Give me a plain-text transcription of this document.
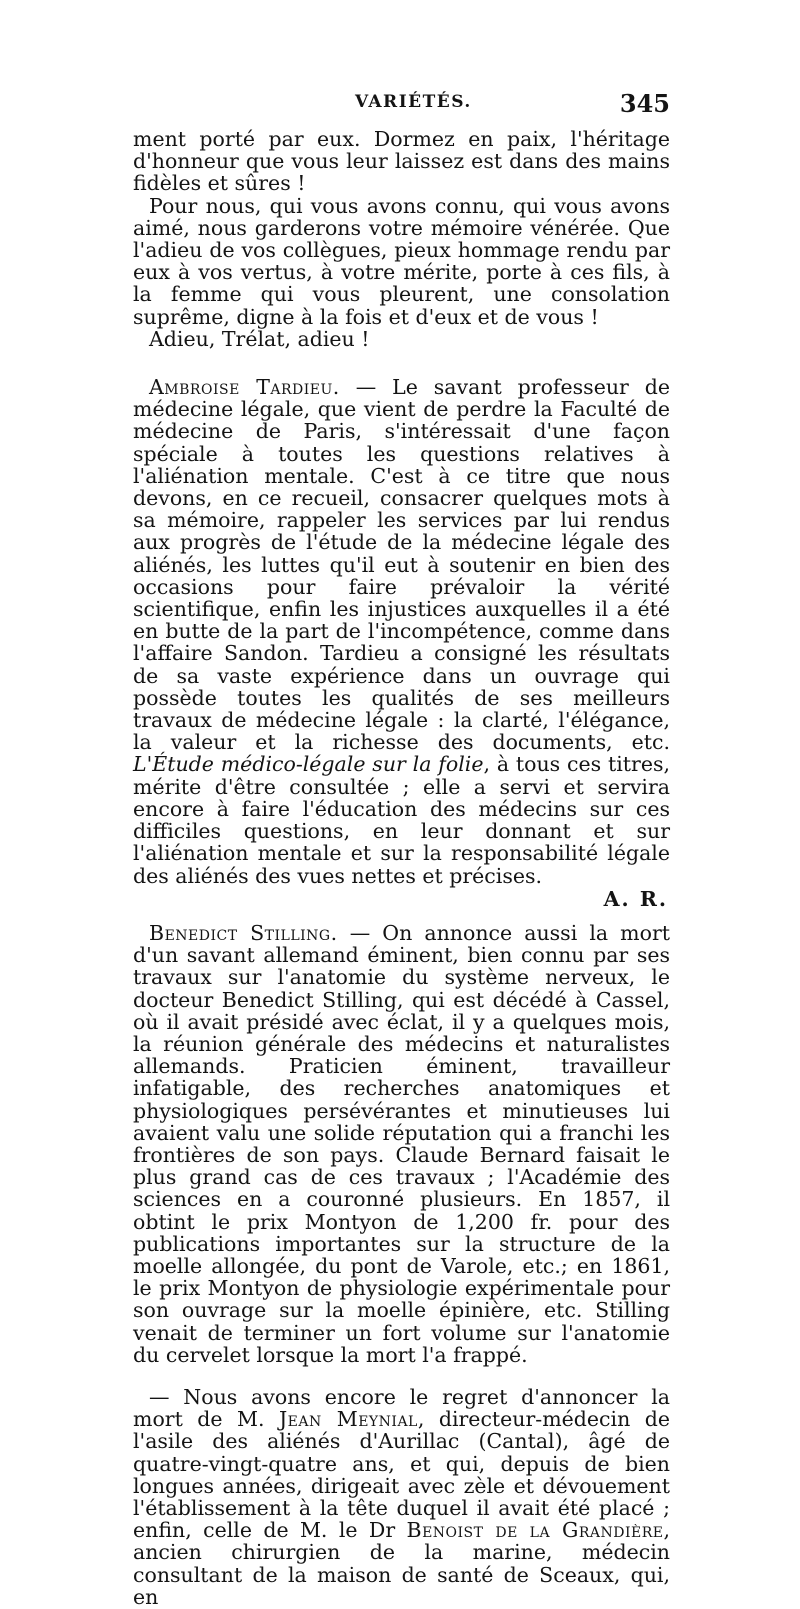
VARIÉTÉS.	345

ment porté par eux. Dormez en paix, l'héritage d'honneur que vous leur laissez est dans des mains fidèles et sûres !

Pour nous, qui vous avons connu, qui vous avons aimé, nous garderons votre mémoire vénérée. Que l'adieu de vos collègues, pieux hommage rendu par eux à vos vertus, à votre mérite, porte à ces fils, à la femme qui vous pleurent, une consolation suprême, digne à la fois et d'eux et de vous !

Adieu, Trélat, adieu !

Ambroise Tardieu. — Le savant professeur de médecine légale, que vient de perdre la Faculté de médecine de Paris, s'intéressait d'une façon spéciale à toutes les questions relatives à l'aliénation mentale. C'est à ce titre que nous devons, en ce recueil, consacrer quelques mots à sa mémoire, rappeler les services par lui rendus aux progrès de l'étude de la médecine légale des aliénés, les luttes qu'il eut à soutenir en bien des occasions pour faire prévaloir la vérité scientifique, enfin les injustices auxquelles il a été en butte de la part de l'incompétence, comme dans l'affaire Sandon. Tardieu a consigné les résultats de sa vaste expérience dans un ouvrage qui possède toutes les qualités de ses meilleurs travaux de médecine légale : la clarté, l'élégance, la valeur et la richesse des documents, etc. L'Étude médico-légale sur la folie, à tous ces titres, mérite d'être consultée ; elle a servi et servira encore à faire l'éducation des médecins sur ces difficiles questions, en leur donnant et sur l'aliénation mentale et sur la responsabilité légale des aliénés des vues nettes et précises.

A. R.

Benedict Stilling. — On annonce aussi la mort d'un savant allemand éminent, bien connu par ses travaux sur l'anatomie du système nerveux, le docteur Benedict Stilling, qui est décédé à Cassel, où il avait présidé avec éclat, il y a quelques mois, la réunion générale des médecins et naturalistes allemands. Praticien éminent, travailleur infatigable, des recherches anatomiques et physiologiques persévérantes et minutieuses lui avaient valu une solide réputation qui a franchi les frontières de son pays. Claude Bernard faisait le plus grand cas de ces travaux ; l'Académie des sciences en a couronné plusieurs. En 1857, il obtint le prix Montyon de 1,200 fr. pour des publications importantes sur la structure de la moelle allongée, du pont de Varole, etc.; en 1861, le prix Montyon de physiologie expérimentale pour son ouvrage sur la moelle épinière, etc. Stilling venait de terminer un fort volume sur l'anatomie du cervelet lorsque la mort l'a frappé.

— Nous avons encore le regret d'annoncer la mort de M. Jean Meynial, directeur-médecin de l'asile des aliénés d'Aurillac (Cantal), âgé de quatre-vingt-quatre ans, et qui, depuis de bien longues années, dirigeait avec zèle et dévouement l'établissement à la tête duquel il avait été placé ; enfin, celle de M. le Dr Benoist de la Grandière, ancien chirurgien de la marine, médecin consultant de la maison de santé de Sceaux, qui, en
